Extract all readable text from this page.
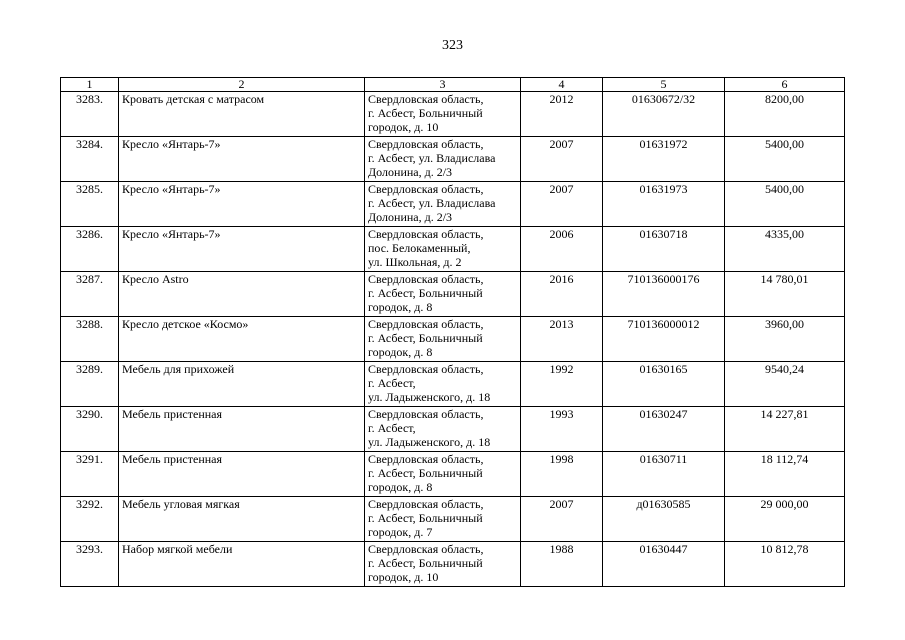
323
1	2	3	4	5	6
3283.	Кровать детская с матрасом	Свердловская область,
г. Асбест, Больничный
городок, д. 10	2012	01630672/32	8200,00
3284.	Кресло «Янтарь-7»	Свердловская область,
г. Асбест, ул. Владислава
Долонина, д. 2/3	2007	01631972	5400,00
3285.	Кресло «Янтарь-7»	Свердловская область,
г. Асбест, ул. Владислава
Долонина, д. 2/3	2007	01631973	5400,00
3286.	Кресло «Янтарь-7»	Свердловская область,
пос. Белокаменный,
ул. Школьная, д. 2	2006	01630718	4335,00
3287.	Кресло Astro	Свердловская область,
г. Асбест, Больничный
городок, д. 8	2016	710136000176	14 780,01
3288.	Кресло детское «Космо»	Свердловская область,
г. Асбест, Больничный
городок, д. 8	2013	710136000012	3960,00
3289.	Мебель для прихожей	Свердловская область,
г. Асбест,
ул. Ладыженского, д. 18	1992	01630165	9540,24
3290.	Мебель пристенная	Свердловская область,
г. Асбест,
ул. Ладыженского, д. 18	1993	01630247	14 227,81
3291.	Мебель пристенная	Свердловская область,
г. Асбест, Больничный
городок, д. 8	1998	01630711	18 112,74
3292.	Мебель угловая мягкая	Свердловская область,
г. Асбест, Больничный
городок, д. 7	2007	д01630585	29 000,00
3293.	Набор мягкой мебели	Свердловская область,
г. Асбест, Больничный
городок, д. 10	1988	01630447	10 812,78
